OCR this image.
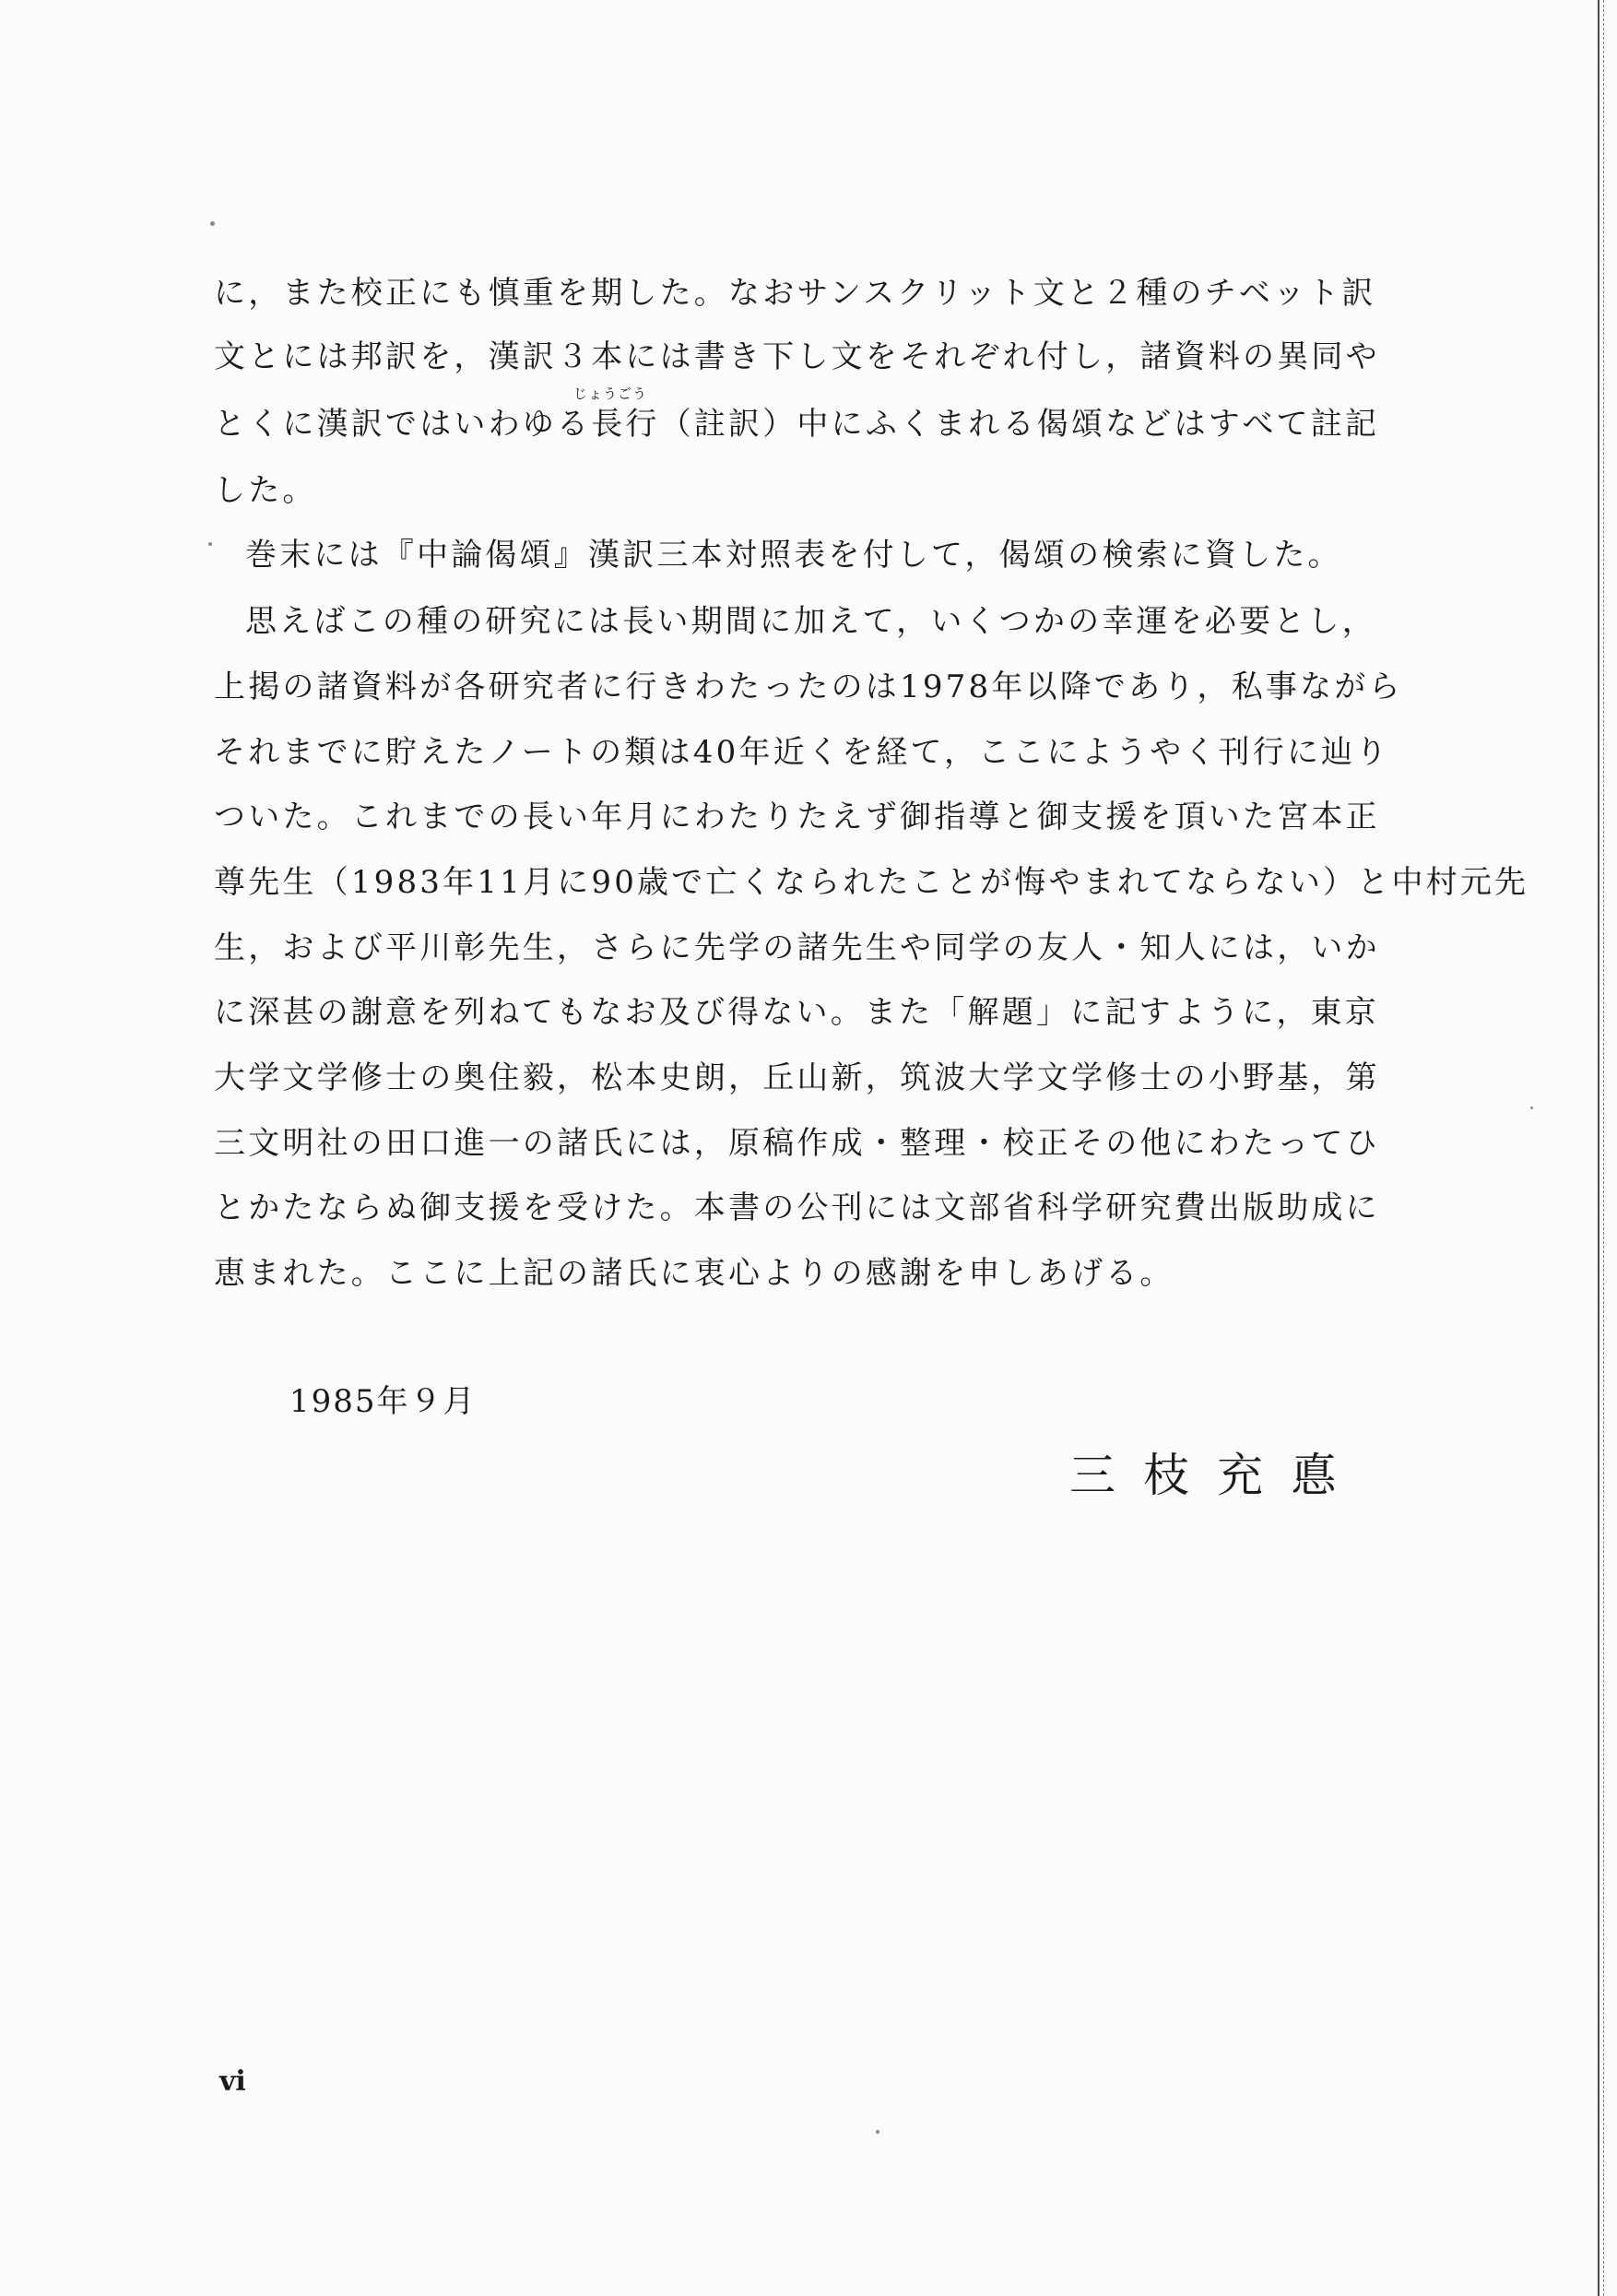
に，また校正にも慎重を期した。なおサンスクリット文と２種のチベット訳
文とには邦訳を，漢訳３本には書き下し文をそれぞれ付し，諸資料の異同や
じょうごう
とくに漢訳ではいわゆる長行（註訳）中にふくまれる偈頌などはすべて註記
した。
巻末には『中論偈頌』漢訳三本対照表を付して，偈頌の検索に資した。
思えばこの種の研究には長い期間に加えて，いくつかの幸運を必要とし，
上掲の諸資料が各研究者に行きわたったのは1978年以降であり，私事ながら
それまでに貯えたノートの類は40年近くを経て，ここにようやく刊行に辿り
ついた。これまでの長い年月にわたりたえず御指導と御支援を頂いた宮本正
尊先生（1983年11月に90歳で亡くなられたことが悔やまれてならない）と中村元先
生，および平川彰先生，さらに先学の諸先生や同学の友人・知人には，いか
に深甚の謝意を列ねてもなお及び得ない。また「解題」に記すように，東京
大学文学修士の奥住毅，松本史朗，丘山新，筑波大学文学修士の小野基，第
三文明社の田口進一の諸氏には，原稿作成・整理・校正その他にわたってひ
とかたならぬ御支援を受けた。本書の公刊には文部省科学研究費出版助成に
恵まれた。ここに上記の諸氏に衷心よりの感謝を申しあげる。
1985年９月
三枝充悳
vi
